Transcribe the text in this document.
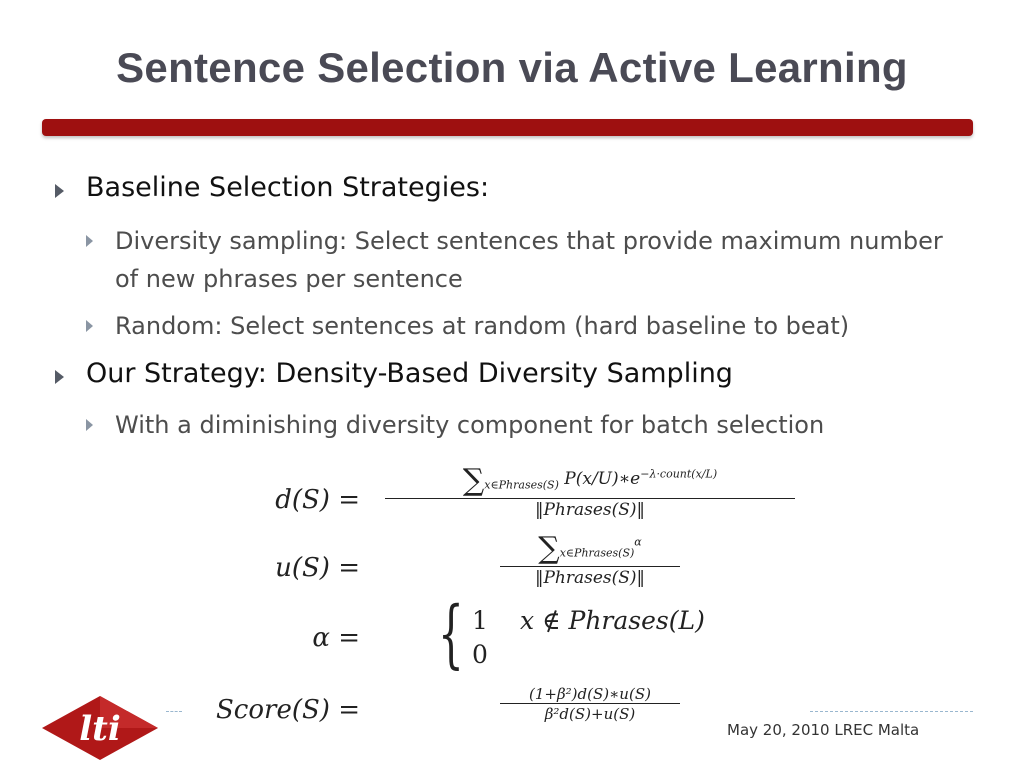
Sentence Selection via Active Learning
Baseline Selection Strategies:
Diversity sampling: Select sentences that provide maximum number of new phrases per sentence
Random: Select sentences at random (hard baseline to beat)
Our Strategy: Density-Based Diversity Sampling
With a diminishing diversity component for batch selection
d(S) =
$\sum_{x\in Phrases(S)}$ $P(x/U)∗e^{-\lambda\cdot count(x/L)}$
‖Phrases(S)‖
u(S) =
$\sum_{x\in Phrases(S)}^\alpha$
‖Phrases(S)‖
α = { 1 x ∉ Phrases(L)
0
Score(S) =	$\frac{\text{(1+β²)d(S)∗u(S)}}{\text{β²d(S)+u(S)}}$
lti	May 20, 2010 LREC Malta
